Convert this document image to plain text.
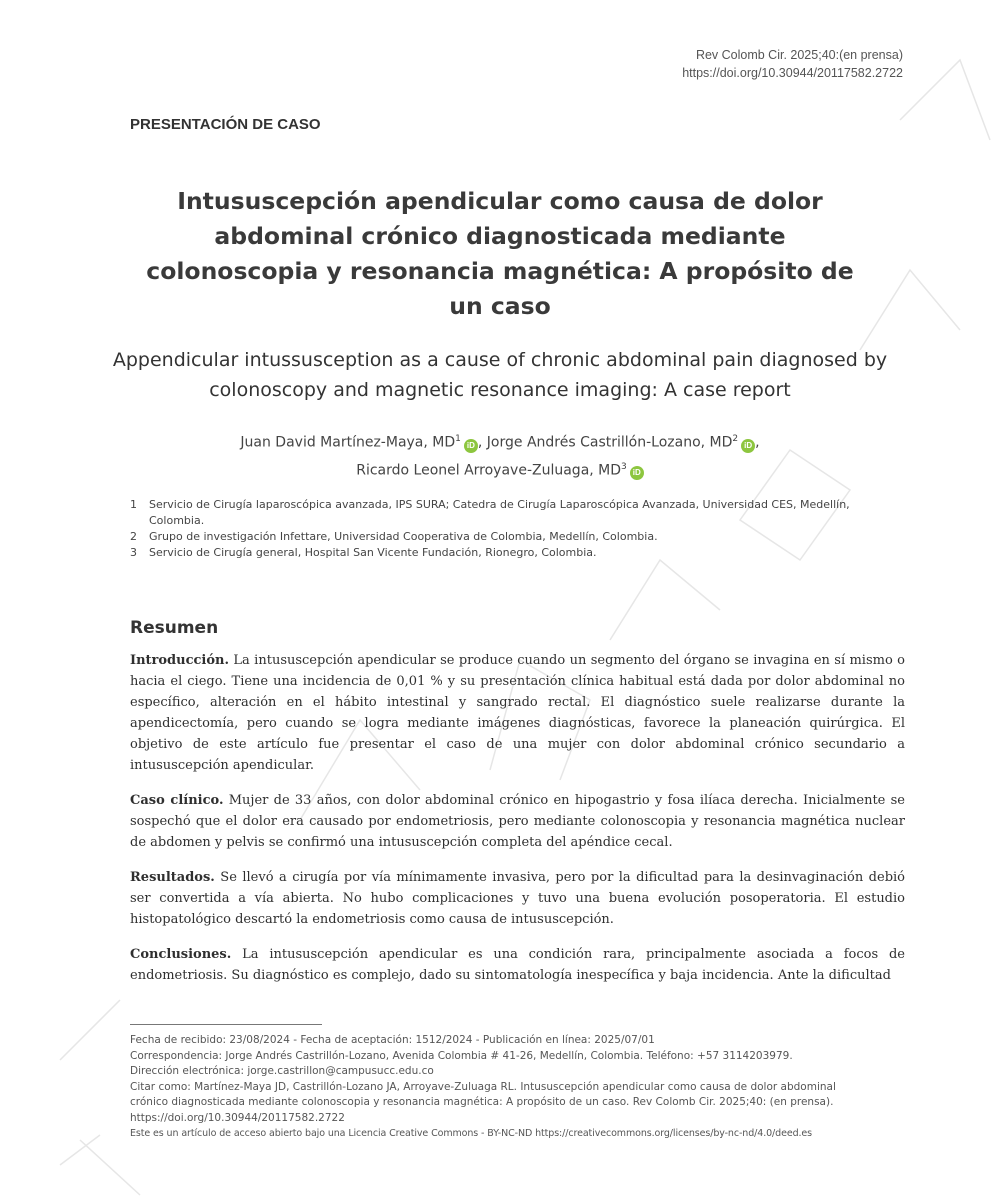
Rev Colomb Cir. 2025;40:(en prensa)
https://doi.org/10.30944/20117582.2722
PRESENTACIÓN DE CASO
Intususcepción apendicular como causa de dolor abdominal crónico diagnosticada mediante colonoscopia y resonancia magnética: A propósito de un caso
Appendicular intussusception as a cause of chronic abdominal pain diagnosed by colonoscopy and magnetic resonance imaging: A case report
Juan David Martínez-Maya, $MD^1iD$ , Jorge Andrés Castrillón-Lozano, $MD^2iD$ ,
Ricardo Leonel Arroyave-Zuluaga, $MD^3iD$
1	Servicio de Cirugía laparoscópica avanzada, IPS SURA; Catedra de Cirugía Laparoscópica Avanzada, Universidad CES, Medellín, Colombia.
2	Grupo de investigación Infettare, Universidad Cooperativa de Colombia, Medellín, Colombia.
3	Servicio de Cirugía general, Hospital San Vicente Fundación, Rionegro, Colombia.
Resumen

Introducción. La intususcepción apendicular se produce cuando un segmento del órgano se invagina en sí mismo o hacia el ciego. Tiene una incidencia de 0,01 % y su presentación clínica habitual está dada por dolor abdominal no específico, alteración en el hábito intestinal y sangrado rectal. El diagnóstico suele realizarse durante la apendicectomía, pero cuando se logra mediante imágenes diagnósticas, favorece la planeación quirúrgica. El objetivo de este artículo fue presentar el caso de una mujer con dolor abdominal crónico secundario a intususcepción apendicular.

Caso clínico. Mujer de 33 años, con dolor abdominal crónico en hipogastrio y fosa ilíaca derecha. Inicialmente se sospechó que el dolor era causado por endometriosis, pero mediante colonoscopia y resonancia magnética nuclear de abdomen y pelvis se confirmó una intususcepción completa del apéndice cecal.

Resultados. Se llevó a cirugía por vía mínimamente invasiva, pero por la dificultad para la desinvaginación debió ser convertida a vía abierta. No hubo complicaciones y tuvo una buena evolución posoperatoria. El estudio histopatológico descartó la endometriosis como causa de intususcepción.

Conclusiones. La intususcepción apendicular es una condición rara, principalmente asociada a focos de endometriosis. Su diagnóstico es complejo, dado su sintomatología inespecífica y baja incidencia. Ante la dificultad

Fecha de recibido: 23/08/2024 - Fecha de aceptación: 1512/2024 - Publicación en línea: 2025/07/01
Correspondencia: Jorge Andrés Castrillón-Lozano, Avenida Colombia # 41-26, Medellín, Colombia. Teléfono: +57 3114203979.
Dirección electrónica: jorge.castrillon@campusucc.edu.co
Citar como: Martínez-Maya JD, Castrillón-Lozano JA, Arroyave-Zuluaga RL. Intususcepción apendicular como causa de dolor abdominal
crónico diagnosticada mediante colonoscopia y resonancia magnética: A propósito de un caso. Rev Colomb Cir. 2025;40: (en prensa).
https://doi.org/10.30944/20117582.2722
Este es un artículo de acceso abierto bajo una Licencia Creative Commons - BY-NC-ND https://creativecommons.org/licenses/by-nc-nd/4.0/deed.es
